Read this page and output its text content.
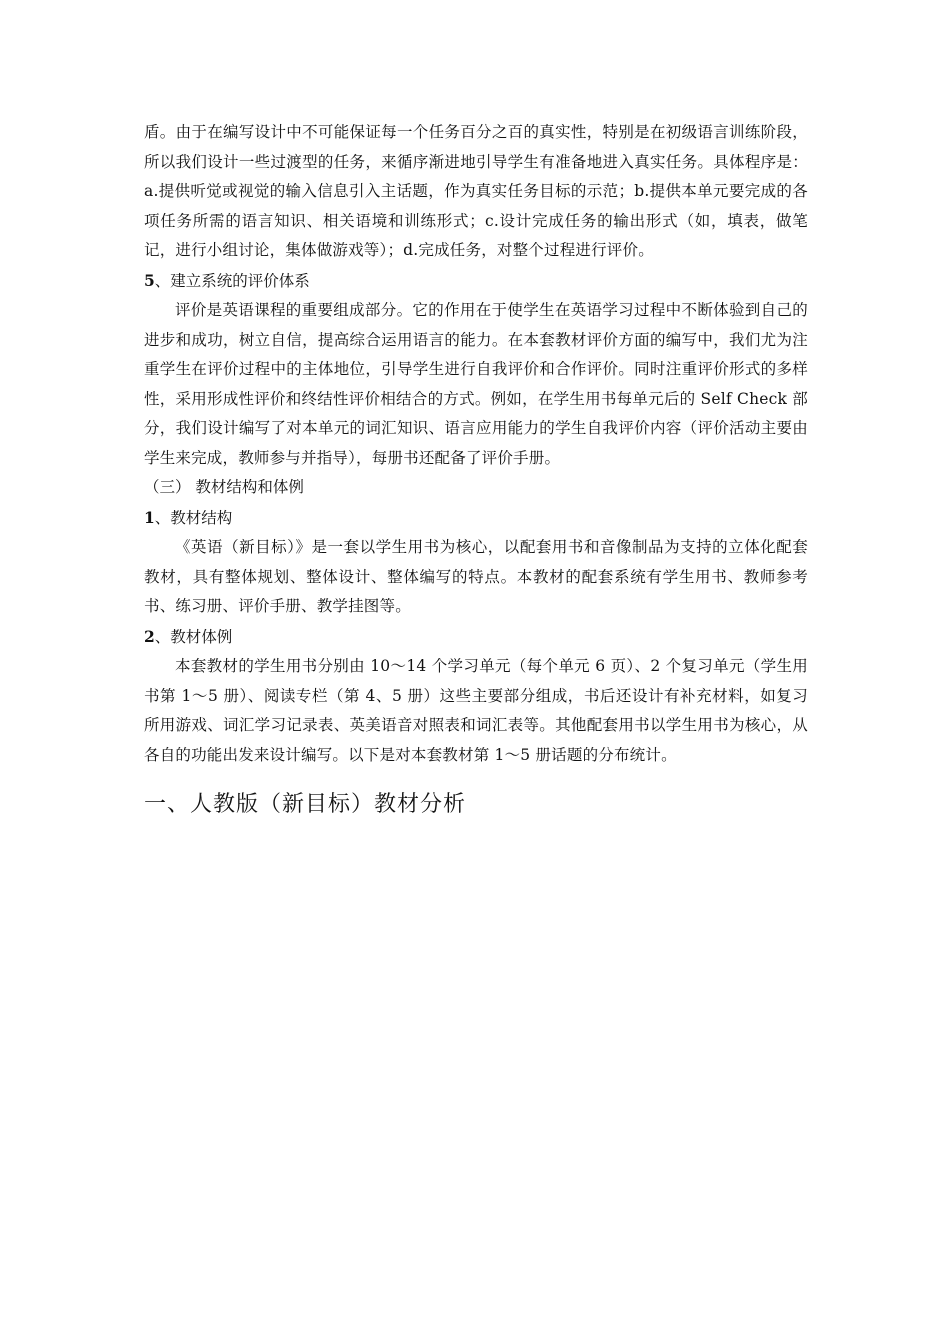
盾。由于在编写设计中不可能保证每一个任务百分之百的真实性，特别是在初级语言训练阶段，所以我们设计一些过渡型的任务，来循序渐进地引导学生有准备地进入真实任务。具体程序是：a.提供听觉或视觉的输入信息引入主话题，作为真实任务目标的示范；b.提供本单元要完成的各项任务所需的语言知识、相关语境和训练形式；c.设计完成任务的输出形式（如，填表，做笔记，进行小组讨论，集体做游戏等）；d.完成任务，对整个过程进行评价。

5、建立系统的评价体系

评价是英语课程的重要组成部分。它的作用在于使学生在英语学习过程中不断体验到自己的进步和成功，树立自信，提高综合运用语言的能力。在本套教材评价方面的编写中，我们尤为注重学生在评价过程中的主体地位，引导学生进行自我评价和合作评价。同时注重评价形式的多样性，采用形成性评价和终结性评价相结合的方式。例如，在学生用书每单元后的 Self Check 部分，我们设计编写了对本单元的词汇知识、语言应用能力的学生自我评价内容（评价活动主要由学生来完成，教师参与并指导），每册书还配备了评价手册。

（三） 教材结构和体例

1、教材结构

《英语（新目标）》是一套以学生用书为核心，以配套用书和音像制品为支持的立体化配套教材，具有整体规划、整体设计、整体编写的特点。本教材的配套系统有学生用书、教师参考书、练习册、评价手册、教学挂图等。

2、教材体例

本套教材的学生用书分别由 10～14 个学习单元（每个单元 6 页）、2 个复习单元（学生用书第 1～5 册）、阅读专栏（第 4、5 册）这些主要部分组成，书后还设计有补充材料，如复习所用游戏、词汇学习记录表、英美语音对照表和词汇表等。其他配套用书以学生用书为核心，从各自的功能出发来设计编写。以下是对本套教材第 1～5 册话题的分布统计。

一、人教版（新目标）教材分析
